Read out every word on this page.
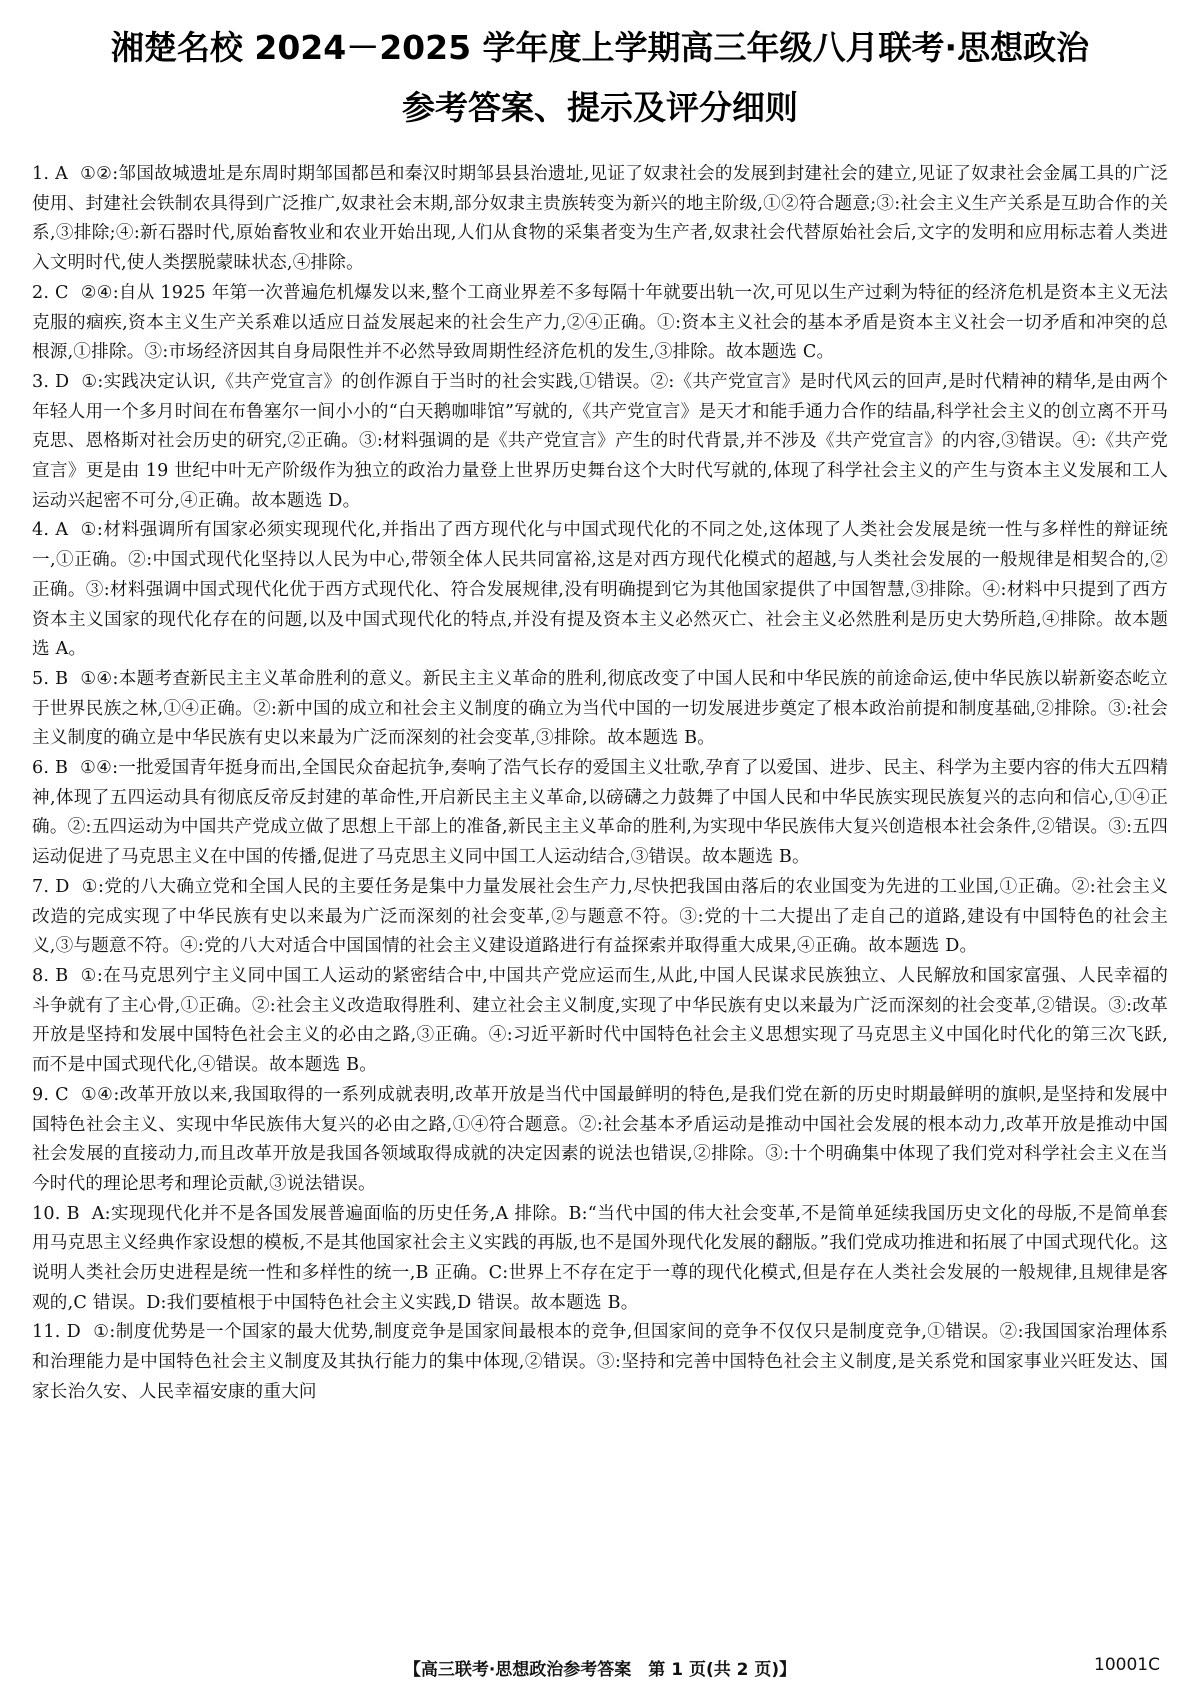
湘楚名校 2024－2025 学年度上学期高三年级八月联考·思想政治
参考答案、提示及评分细则

1. A ①②:邹国故城遗址是东周时期邹国都邑和秦汉时期邹县县治遗址,见证了奴隶社会的发展到封建社会的建立,见证了奴隶社会金属工具的广泛使用、封建社会铁制农具得到广泛推广,奴隶社会末期,部分奴隶主贵族转变为新兴的地主阶级,①②符合题意;③:社会主义生产关系是互助合作的关系,③排除;④:新石器时代,原始畜牧业和农业开始出现,人们从食物的采集者变为生产者,奴隶社会代替原始社会后,文字的发明和应用标志着人类进入文明时代,使人类摆脱蒙昧状态,④排除。

2. C ②④:自从 1925 年第一次普遍危机爆发以来,整个工商业界差不多每隔十年就要出轨一次,可见以生产过剩为特征的经济危机是资本主义无法克服的痼疾,资本主义生产关系难以适应日益发展起来的社会生产力,②④正确。①:资本主义社会的基本矛盾是资本主义社会一切矛盾和冲突的总根源,①排除。③:市场经济因其自身局限性并不必然导致周期性经济危机的发生,③排除。故本题选 C。

3. D ①:实践决定认识,《共产党宣言》的创作源自于当时的社会实践,①错误。②:《共产党宣言》是时代风云的回声,是时代精神的精华,是由两个年轻人用一个多月时间在布鲁塞尔一间小小的“白天鹅咖啡馆”写就的,《共产党宣言》是天才和能手通力合作的结晶,科学社会主义的创立离不开马克思、恩格斯对社会历史的研究,②正确。③:材料强调的是《共产党宣言》产生的时代背景,并不涉及《共产党宣言》的内容,③错误。④:《共产党宣言》更是由 19 世纪中叶无产阶级作为独立的政治力量登上世界历史舞台这个大时代写就的,体现了科学社会主义的产生与资本主义发展和工人运动兴起密不可分,④正确。故本题选 D。

4. A ①:材料强调所有国家必须实现现代化,并指出了西方现代化与中国式现代化的不同之处,这体现了人类社会发展是统一性与多样性的辩证统一,①正确。②:中国式现代化坚持以人民为中心,带领全体人民共同富裕,这是对西方现代化模式的超越,与人类社会发展的一般规律是相契合的,②正确。③:材料强调中国式现代化优于西方式现代化、符合发展规律,没有明确提到它为其他国家提供了中国智慧,③排除。④:材料中只提到了西方资本主义国家的现代化存在的问题,以及中国式现代化的特点,并没有提及资本主义必然灭亡、社会主义必然胜利是历史大势所趋,④排除。故本题选 A。

5. B ①④:本题考查新民主主义革命胜利的意义。新民主主义革命的胜利,彻底改变了中国人民和中华民族的前途命运,使中华民族以崭新姿态屹立于世界民族之林,①④正确。②:新中国的成立和社会主义制度的确立为当代中国的一切发展进步奠定了根本政治前提和制度基础,②排除。③:社会主义制度的确立是中华民族有史以来最为广泛而深刻的社会变革,③排除。故本题选 B。

6. B ①④:一批爱国青年挺身而出,全国民众奋起抗争,奏响了浩气长存的爱国主义壮歌,孕育了以爱国、进步、民主、科学为主要内容的伟大五四精神,体现了五四运动具有彻底反帝反封建的革命性,开启新民主主义革命,以磅礴之力鼓舞了中国人民和中华民族实现民族复兴的志向和信心,①④正确。②:五四运动为中国共产党成立做了思想上干部上的准备,新民主主义革命的胜利,为实现中华民族伟大复兴创造根本社会条件,②错误。③:五四运动促进了马克思主义在中国的传播,促进了马克思主义同中国工人运动结合,③错误。故本题选 B。

7. D ①:党的八大确立党和全国人民的主要任务是集中力量发展社会生产力,尽快把我国由落后的农业国变为先进的工业国,①正确。②:社会主义改造的完成实现了中华民族有史以来最为广泛而深刻的社会变革,②与题意不符。③:党的十二大提出了走自己的道路,建设有中国特色的社会主义,③与题意不符。④:党的八大对适合中国国情的社会主义建设道路进行有益探索并取得重大成果,④正确。故本题选 D。

8. B ①:在马克思列宁主义同中国工人运动的紧密结合中,中国共产党应运而生,从此,中国人民谋求民族独立、人民解放和国家富强、人民幸福的斗争就有了主心骨,①正确。②:社会主义改造取得胜利、建立社会主义制度,实现了中华民族有史以来最为广泛而深刻的社会变革,②错误。③:改革开放是坚持和发展中国特色社会主义的必由之路,③正确。④:习近平新时代中国特色社会主义思想实现了马克思主义中国化时代化的第三次飞跃,而不是中国式现代化,④错误。故本题选 B。

9. C ①④:改革开放以来,我国取得的一系列成就表明,改革开放是当代中国最鲜明的特色,是我们党在新的历史时期最鲜明的旗帜,是坚持和发展中国特色社会主义、实现中华民族伟大复兴的必由之路,①④符合题意。②:社会基本矛盾运动是推动中国社会发展的根本动力,改革开放是推动中国社会发展的直接动力,而且改革开放是我国各领域取得成就的决定因素的说法也错误,②排除。③:十个明确集中体现了我们党对科学社会主义在当今时代的理论思考和理论贡献,③说法错误。

10. B A:实现现代化并不是各国发展普遍面临的历史任务,A 排除。B:“当代中国的伟大社会变革,不是简单延续我国历史文化的母版,不是简单套用马克思主义经典作家设想的模板,不是其他国家社会主义实践的再版,也不是国外现代化发展的翻版。”我们党成功推进和拓展了中国式现代化。这说明人类社会历史进程是统一性和多样性的统一,B 正确。C:世界上不存在定于一尊的现代化模式,但是存在人类社会发展的一般规律,且规律是客观的,C 错误。D:我们要植根于中国特色社会主义实践,D 错误。故本题选 B。

11. D ①:制度优势是一个国家的最大优势,制度竞争是国家间最根本的竞争,但国家间的竞争不仅仅只是制度竞争,①错误。②:我国国家治理体系和治理能力是中国特色社会主义制度及其执行能力的集中体现,②错误。③:坚持和完善中国特色社会主义制度,是关系党和国家事业兴旺发达、国家长治久安、人民幸福安康的重大问

【高三联考·思想政治参考答案　第 1 页(共 2 页)】	10001C
